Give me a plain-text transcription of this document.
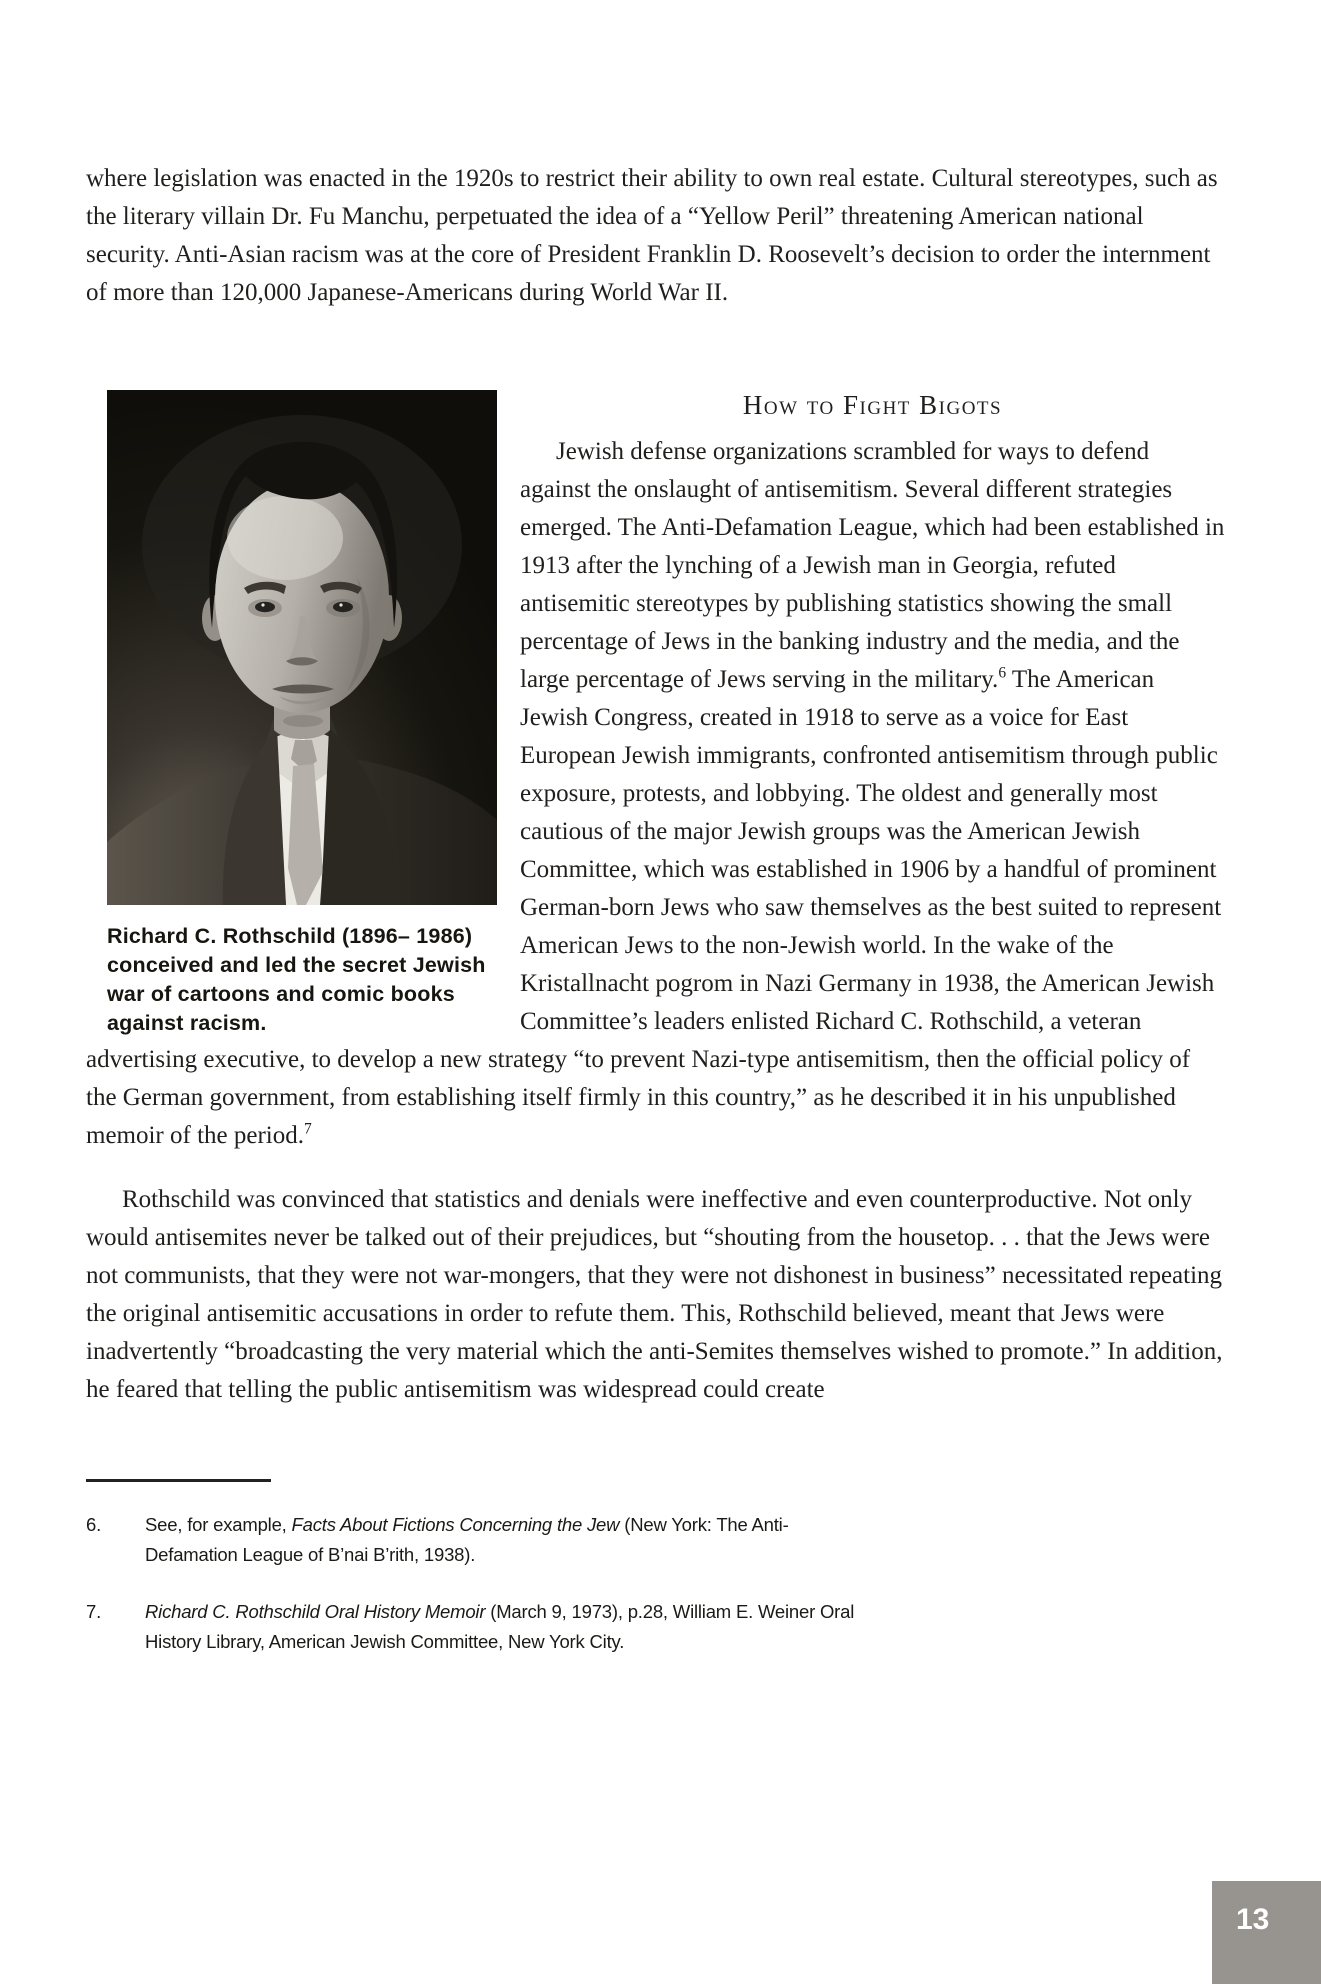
where legislation was enacted in the 1920s to restrict their ability to own real estate. Cultural stereotypes, such as the literary villain Dr. Fu Manchu, perpetuated the idea of a “Yellow Peril” threatening American national security. Anti-Asian racism was at the core of President Franklin D. Roosevelt’s decision to order the internment of more than 120,000 Japanese-Americans during World War II.

Richard C. Rothschild (1896– 1986) conceived and led the secret Jewish war of cartoons and comic books against racism.
How to Fight Bigots

Jewish defense organizations scrambled for ways to defend against the onslaught of antisemitism. Several different strategies emerged. The Anti-Defamation League, which had been established in 1913 after the lynching of a Jewish man in Georgia, refuted antisemitic stereotypes by publishing statistics showing the small percentage of Jews in the banking industry and the media, and the large percentage of Jews serving in the military.$^6$ The American Jewish Congress, created in 1918 to serve as a voice for East European Jewish immigrants, confronted antisemitism through public exposure, protests, and lobbying. The oldest and generally most cautious of the major Jewish groups was the American Jewish Committee, which was established in 1906 by a handful of prominent German-born Jews who saw themselves as the best suited to represent American Jews to the non-Jewish world. In the wake of the Kristallnacht pogrom in Nazi Germany in 1938, the American Jewish Committee’s leaders enlisted Richard C. Rothschild, a veteran advertising executive, to develop a new strategy “to prevent Nazi-type antisemitism, then the official policy of the German government, from establishing itself firmly in this country,” as he described it in his unpublished memoir of the period.$^7$

Rothschild was convinced that statistics and denials were ineffective and even counterproductive. Not only would antisemites never be talked out of their prejudices, but “shouting from the housetop. . . that the Jews were not communists, that they were not war-mongers, that they were not dishonest in business” necessitated repeating the original antisemitic accusations in order to refute them. This, Rothschild believed, meant that Jews were inadvertently “broadcasting the very material which the anti-Semites themselves wished to promote.” In addition, he feared that telling the public antisemitism was widespread could create

6.	See, for example, Facts About Fictions Concerning the Jew (New York: The Anti-Defamation League of B’nai B’rith, 1938).
7.	Richard C. Rothschild Oral History Memoir (March 9, 1973), p.28, William E. Weiner Oral History Library, American Jewish Committee, New York City.
13
